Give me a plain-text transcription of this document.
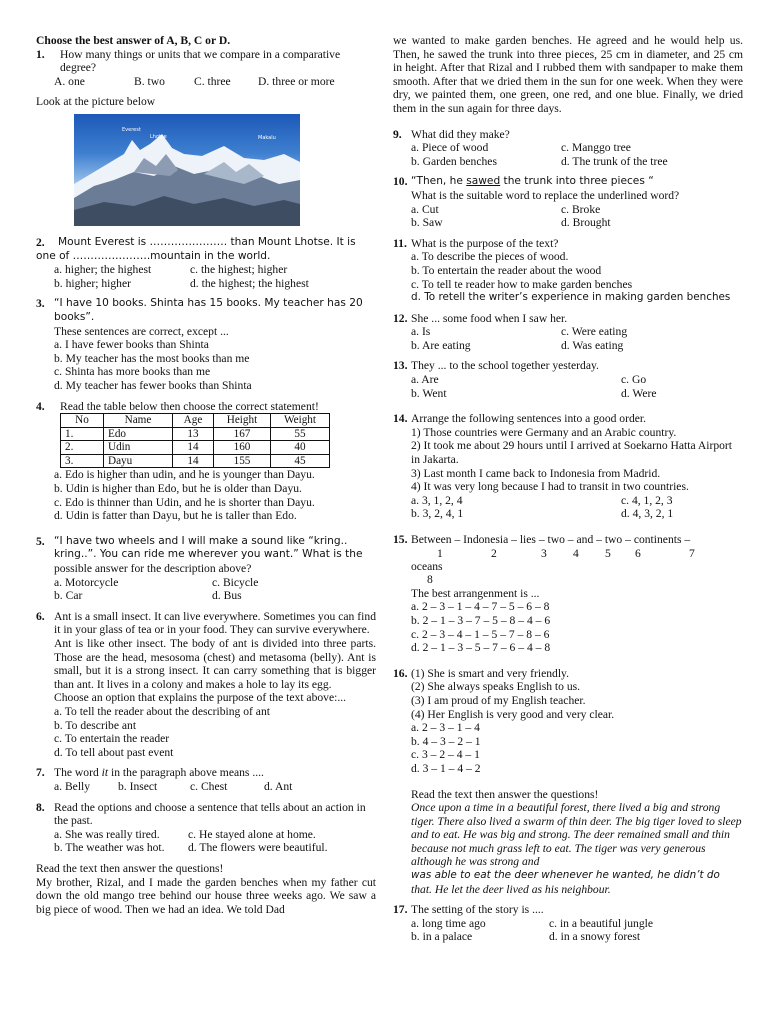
Choose the best answer of A, B, C or D.
1.	How many things or units that we compare in a comparative degree?
A. one	B. two	C. three	D. three or more
Look at the picture below
Everest
Lhotse	Makalu
2.	Mount Everest is …………………. than Mount Lhotse. It is
one of ………………….mountain in the world.
a. higher; the highest	c. the highest; higher
b. higher; higher	d. the highest; the highest
3. “I have 10 books. Shinta has 15 books. My teacher has 20
books”.
These sentences are correct, except ...
a. I have fewer books than Shinta
b. My teacher has the most books than me
c. Shinta has more books than me
d. My teacher has fewer books than Shinta
4.	Read the table below then choose the correct statement!
No	Name	Age	Height	Weight
1.	Edo	13	167	55
2.	Udin	14	160	40
3.	Dayu	14	155	45
a. Edo is higher than udin, and he is younger than Dayu.
b. Udin is higher than Edo, but he is older than Dayu.
c. Edo is thinner than Udin, and he is shorter than Dayu.
d. Udin is fatter than Dayu, but he is taller than Edo.
5. “I have two wheels and I will make a sound like “kring..
kring..”. You can ride me wherever you want.” What is the
possible answer for the description above?
a. Motorcycle	c. Bicycle
b. Car	d. Bus
6. Ant is a small insect. It can live everywhere. Sometimes you can find it in your glass of tea or in your food. They can survive everywhere.
Ant is like other insect. The body of ant is divided into three parts. Those are the head, mesosoma (chest) and metasoma (belly). Ant is small, but it is a strong insect. It can carry something that is bigger than ant. It lives in a colony and makes a hole to lay its egg.
Choose an option that explains the purpose of the text above:...
a. To tell the reader about the describing of ant
b. To describe ant
c. To entertain the reader
d. To tell about past event
7. The word it in the paragraph above means ....
a. Belly	b. Insect	c. Chest	d. Ant
8. Read the options and choose a sentence that tells about an action in the past.
a. She was really tired.	c. He stayed alone at home.
b. The weather was hot.	d. The flowers were beautiful.
Read the text then answer the questions!
My brother, Rizal, and I made the garden benches when my father cut down the old mango tree behind our house three weeks ago. We saw a big piece of wood. Then we had an idea. We told Dad
we wanted to make garden benches. He agreed and he would help us. Then, he sawed the trunk into three pieces, 25 cm in diameter, and 25 cm in height. After that Rizal and I rubbed them with sandpaper to make them smooth. After that we dried them in the sun for one week. When they were dry, we painted them, one green, one red, and one blue. Finally, we dried them in the sun again for three days.
9. What did they make?
a. Piece of wood	c. Manggo tree
b. Garden benches	d. The trunk of the tree
10. “Then, he sawed the trunk into three pieces “
What is the suitable word to replace the underlined word?
a. Cut	c. Broke
b. Saw	d. Brought
11. What is the purpose of the text?
a. To describe the pieces of wood.
b. To entertain the reader about the wood
c. To tell te reader how to make garden benches
d. To retell the writer’s experience in making garden benches
12. She ... some food when I saw her.
a. Is	c. Were eating
b. Are eating	d. Was eating
13. They ... to the school together yesterday.
a. Are	c. Go
b. Went	d. Were
14. Arrange the following sentences into a good order.
1) Those countries were Germany and an Arabic country.
2) It took me about 29 hours until I arrived at Soekarno Hatta Airport in Jakarta.
3) Last month I came back to Indonesia from Madrid.
4) It was very long because I had to transit in two countries.
a. 3, 1, 2, 4	c. 4, 1, 2, 3
b. 3, 2, 4, 1	d. 4, 3, 2, 1
15. Between – Indonesia – lies – two – and – two – continents –
1	2	3 4 5 6	7
oceans
8
The best arrangenment is ...
a. 2 – 3 – 1 – 4 – 7 – 5 – 6 – 8
b. 2 – 1 – 3 – 7 – 5 – 8 – 4 – 6
c. 2 – 3 – 4 – 1 – 5 – 7 – 8 – 6
d. 2 – 1 – 3 – 5 – 7 – 6 – 4 – 8
16. (1) She is smart and very friendly.
(2) She always speaks English to us.
(3) I am proud of my English teacher.
(4) Her English is very good and very clear.
a. 2 – 3 – 1 – 4
b. 4 – 3 – 2 – 1
c. 3 – 2 – 4 – 1
d. 3 – 1 – 4 – 2
Read the text then answer the questions!
Once upon a time in a beautiful forest, there lived a big and strong tiger. There also lived a swarm of thin deer. The big tiger loved to sleep and to eat. He was big and strong. The deer remained small and thin because not much grass left to eat. The tiger was very generous although he was strong and
was able to eat the deer whenever he wanted, he didn’t do
that. He let the deer lived as his neighbour.
17. The setting of the story is ....
a. long time ago	c. in a beautiful jungle
b. in a palace	d. in a snowy forest
